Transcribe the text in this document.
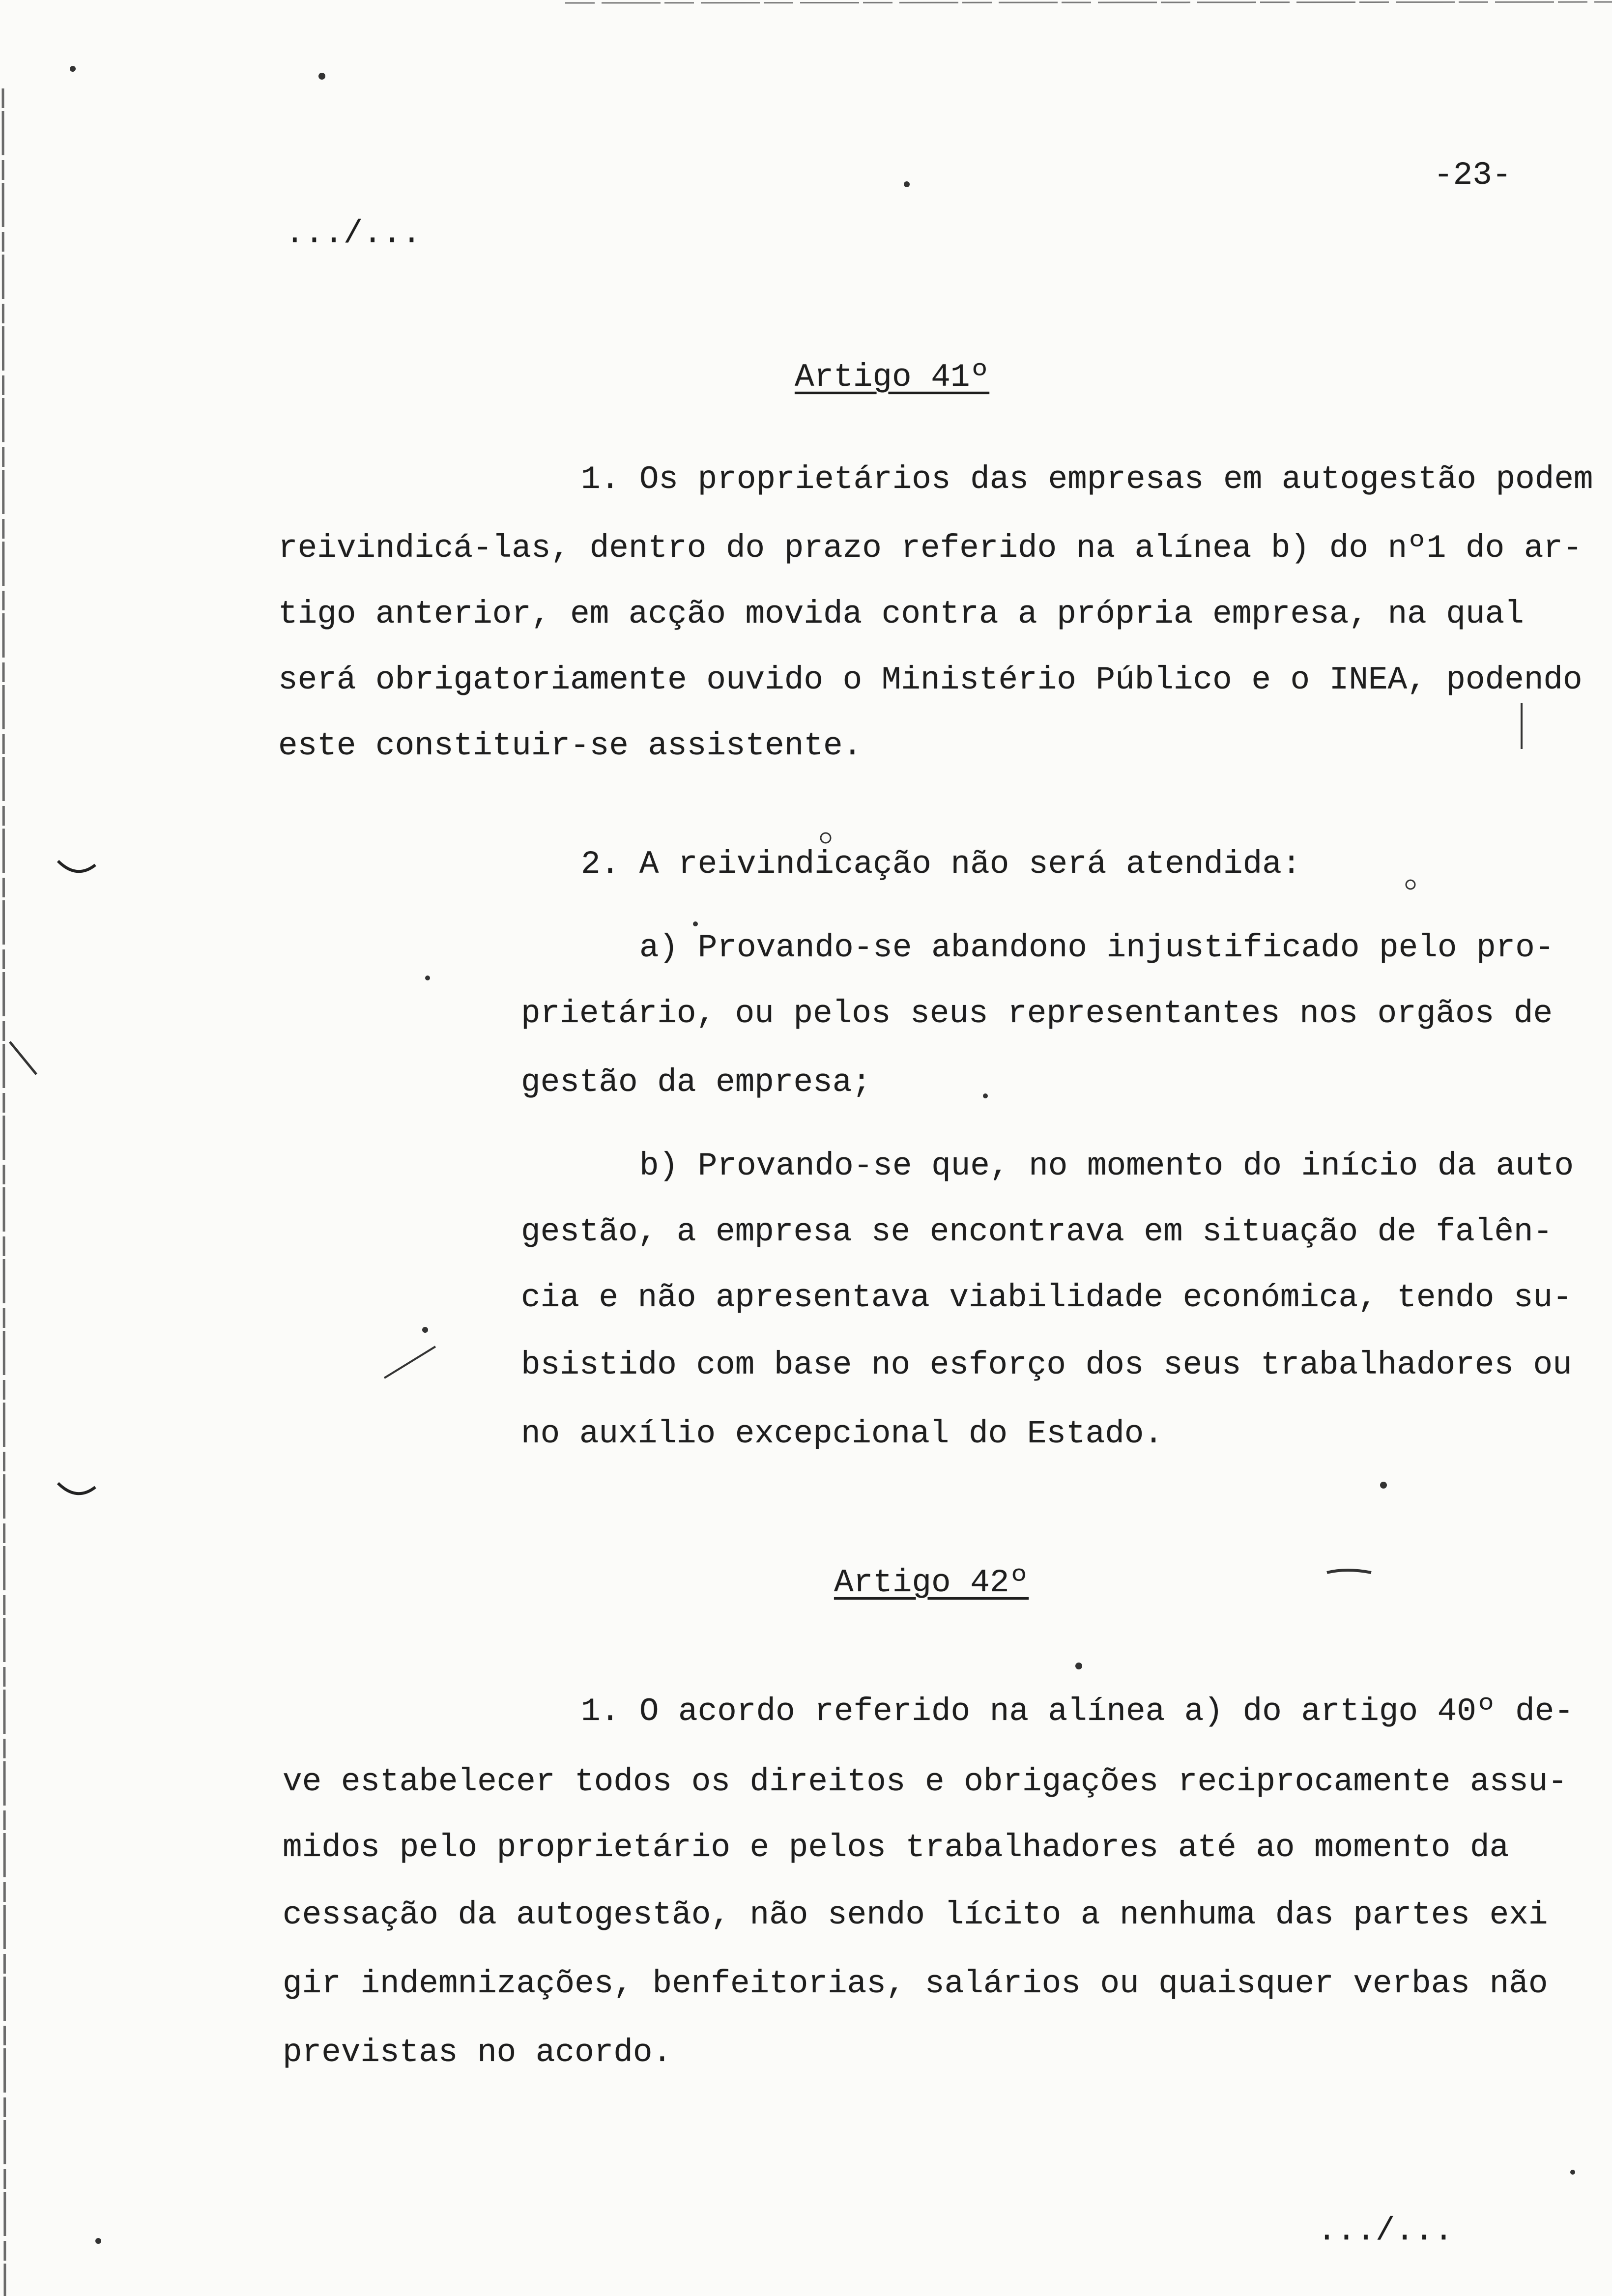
-23-
.../...
Artigo 41º
1. Os proprietários das empresas em autogestão podem
reivindicá-las, dentro do prazo referido na alínea b) do nº1 do ar-
tigo anterior, em acção movida contra a própria empresa, na qual
será obrigatoriamente ouvido o Ministério Público e o INEA, podendo
este constituir-se assistente.
2. A reivindicação não será atendida:
a) Provando-se abandono injustificado pelo pro-
prietário, ou pelos seus representantes nos orgãos de
gestão da empresa;
b) Provando-se que, no momento do início da auto
gestão, a empresa se encontrava em situação de falên-
cia e não apresentava viabilidade económica, tendo su-
bsistido com base no esforço dos seus trabalhadores ou
no auxílio excepcional do Estado.
Artigo 42º
1. O acordo referido na alínea a) do artigo 40º de-
ve estabelecer todos os direitos e obrigações reciprocamente assu-
midos pelo proprietário e pelos trabalhadores até ao momento da
cessação da autogestão, não sendo lícito a nenhuma das partes exi
gir indemnizações, benfeitorias, salários ou quaisquer verbas não
previstas no acordo.
.../...
